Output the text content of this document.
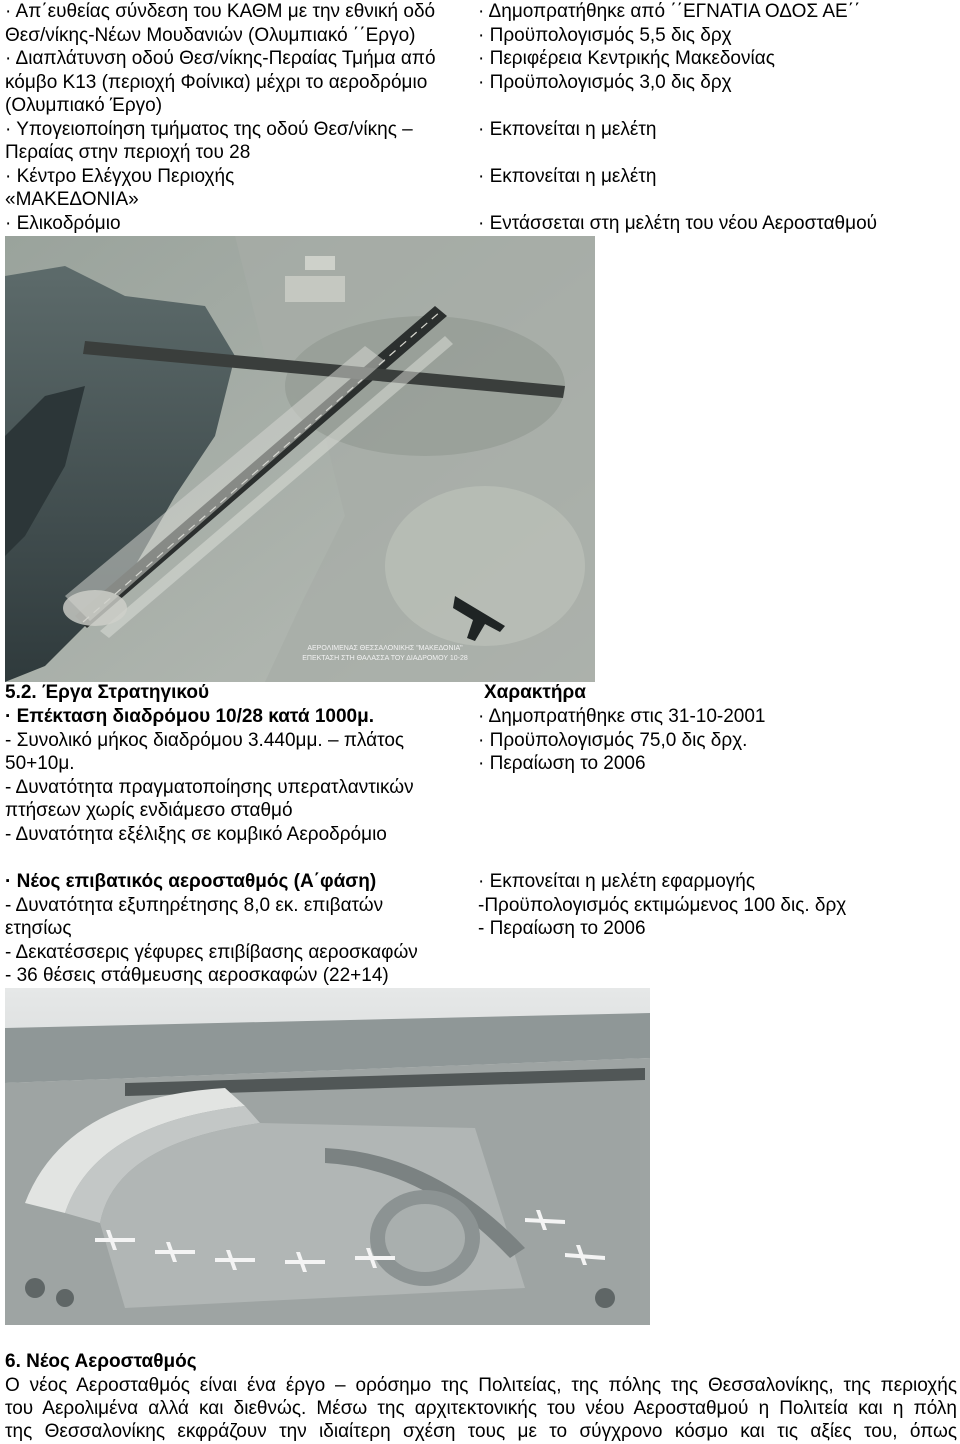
· Απ΄ευθείας σύνδεση του ΚΑΘΜ με την εθνική οδό
Θεσ/νίκης-Νέων Μουδανιών (Ολυμπιακό ΄΄Εργο)
· Διαπλάτυνση οδού Θεσ/νίκης-Περαίας Τμήμα από
κόμβο Κ13 (περιοχή Φοίνικα) μέχρι το αεροδρόμιο
(Ολυμπιακό Έργο)
· Υπογειοποίηση τμήματος της οδού Θεσ/νίκης –
Περαίας στην περιοχή του 28
· Κέντρο Ελέγχου Περιοχής
«ΜΑΚΕΔΟΝΙΑ»
· Ελικοδρόμιο
· Δημοπρατήθηκε από ΄΄ΕΓΝΑΤΙΑ ΟΔΟΣ ΑΕ΄΄
· Προϋπολογισμός 5,5 δις δρχ
· Περιφέρεια Κεντρικής Μακεδονίας
· Προϋπολογισμός 3,0 δις δρχ
· Εκπονείται η μελέτη
· Εκπονείται η μελέτη
· Εντάσσεται στη μελέτη του νέου Αεροσταθμού
ΑΕΡΟΛΙΜΕΝΑΣ ΘΕΣΣΑΛΟΝΙΚΗΣ "ΜΑΚΕΔΟΝΙΑ"
ΕΠΕΚΤΑΣΗ ΣΤΗ ΘΑΛΑΣΣΑ ΤΟΥ ΔΙΑΔΡΟΜΟΥ 10-28
5.2. Έργα Στρατηγικού	Χαρακτήρα
· Επέκταση διαδρόμου 10/28 κατά 1000μ.
- Συνολικό μήκος διαδρόμου 3.440μμ. – πλάτος
50+10μ.
- Δυνατότητα πραγματοποίησης υπερατλαντικών
πτήσεων χωρίς ενδιάμεσο σταθμό
- Δυνατότητα εξέλιξης σε κομβικό Αεροδρόμιο
· Δημοπρατήθηκε στις 31-10-2001
· Προϋπολογισμός 75,0 δις δρχ.
· Περαίωση το 2006
· Νέος επιβατικός αεροσταθμός (Α΄φάση)
- Δυνατότητα εξυπηρέτησης 8,0 εκ. επιβατών
ετησίως
- Δεκατέσσερις γέφυρες επιβίβασης αεροσκαφών
- 36 θέσεις στάθμευσης αεροσκαφών (22+14)
· Εκπονείται η μελέτη εφαρμογής
-Προϋπολογισμός εκτιμώμενος 100 δις. δρχ
- Περαίωση το 2006
6. Νέος Αεροσταθμός
Ο νέος Αεροσταθμός είναι ένα έργο – ορόσημο της Πολιτείας, της πόλης της Θεσσαλονίκης, της περιοχής
του Αερολιμένα αλλά και διεθνώς. Μέσω της αρχιτεκτονικής του νέου Αεροσταθμού η Πολιτεία και η πόλη
της Θεσσαλονίκης εκφράζουν την ιδιαίτερη σχέση τους με το σύγχρονο κόσμο και τις αξίες του, όπως
